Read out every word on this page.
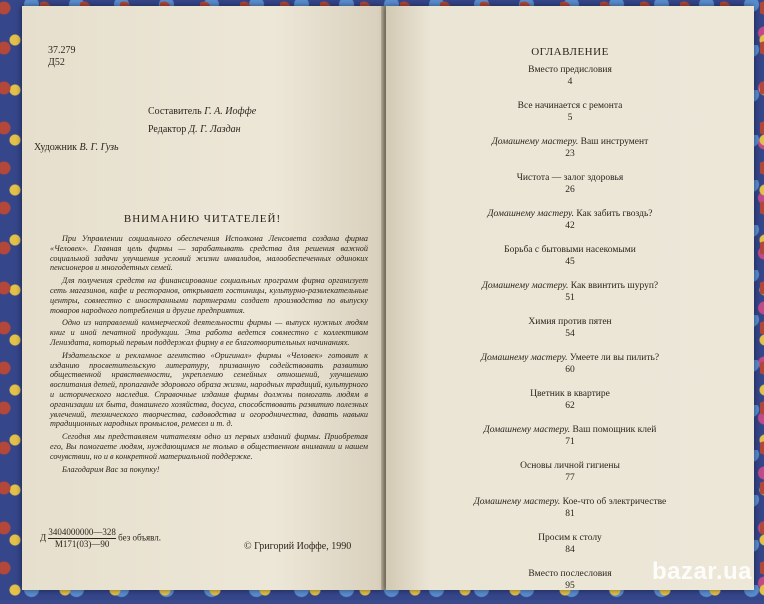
37.279
Д52
Составитель Г. А. Иоффе
Редактор Д. Г. Лаздан
Художник В. Г. Гузь
ВНИМАНИЮ ЧИТАТЕЛЕЙ!

При Управлении социального обеспечения Исполкома Ленсовета создана фирма «Человек». Главная цель фирмы — зарабатывать средства для решения важной социальной задачи улучшения условий жизни инвалидов, малообеспеченных одиноких пенсионеров и многодетных семей.

Для получения средств на финансирование социальных программ фирма организует сеть магазинов, кафе и ресторанов, открывает гостиницы, культурно-развлекательные центры, совместно с иностранными партнерами создает производства по выпуску товаров народного потребления и другие предприятия.

Одно из направлений коммерческой деятельности фирмы — выпуск нужных людям книг и иной печатной продукции. Эта работа ведется совместно с коллективом Лениздата, который первым поддержал фирму в ее благотворительных начинаниях.

Издательское и рекламное агентство «Оригинал» фирмы «Человек» готовит к изданию просветительскую литературу, призванную содействовать развитию общественной нравственности, укреплению семейных отношений, улучшению воспитания детей, пропаганде здорового образа жизни, народных традиций, культурного и исторического наследия. Справочные издания фирмы должны помогать людям в организации их быта, домашнего хозяйства, досуга, способствовать развитию полезных увлечений, технического творчества, садоводства и огородничества, давать навыки традиционных народных промыслов, ремесел и т. д.

Сегодня мы представляем читателям одно из первых изданий фирмы. Приобретая его, Вы помогаете людям, нуждающимся не только в общественном внимании и нашем сочувствии, но и в конкретной материальной поддержке.

Благодарим Вас за покупку!

Д $\frac{3404000000—328}{М171(03)—90}$ без объявл.
© Григорий Иоффе, 1990
ОГЛАВЛЕНИЕ
Вместо предисловия
4
Все начинается с ремонта
5
Домашнему мастеру. Ваш инструмент
23
Чистота — залог здоровья
26
Домашнему мастеру. Как забить гвоздь?
42
Борьба с бытовыми насекомыми
45
Домашнему мастеру. Как ввинтить шуруп?
51
Химия против пятен
54
Домашнему мастеру. Умеете ли вы пилить?
60
Цветник в квартире
62
Домашнему мастеру. Ваш помощник клей
71
Основы личной гигиены
77
Домашнему мастеру. Кое-что об электричестве
81
Просим к столу
84
Вместо послесловия
95
bazar.ua
